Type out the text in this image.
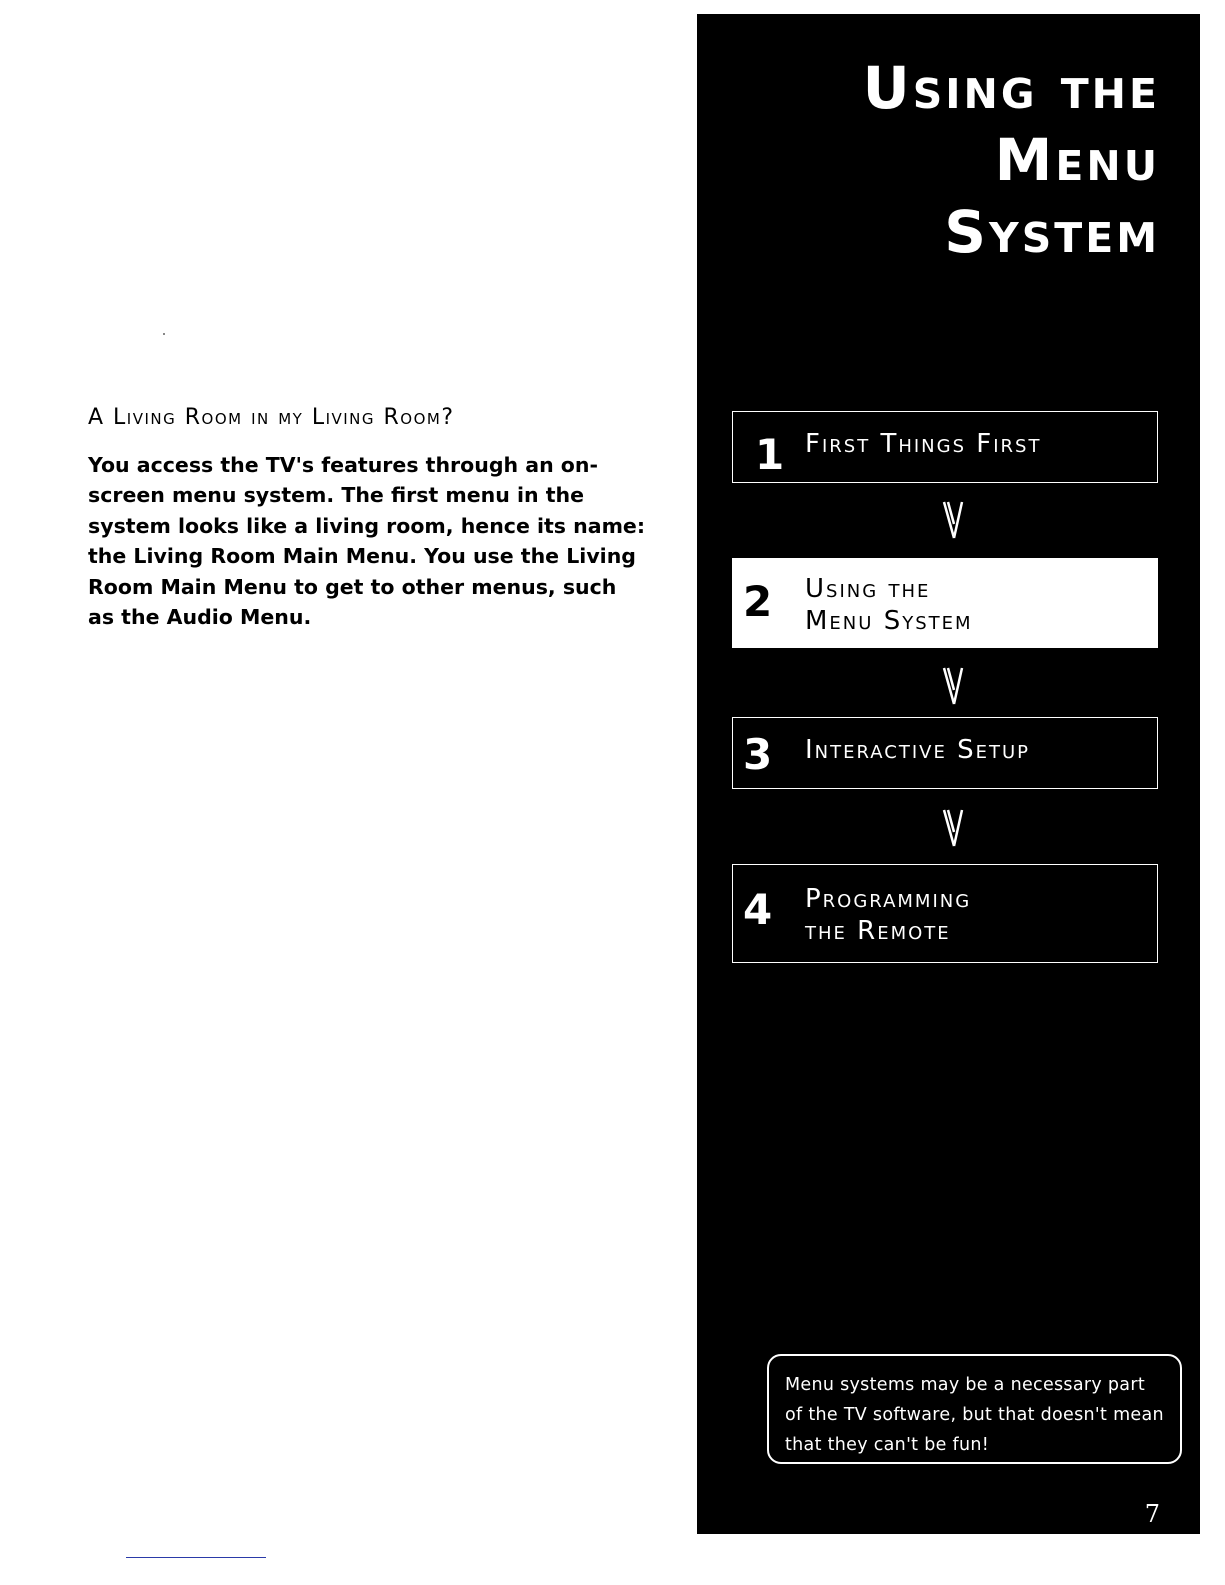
A Living Room in my Living Room?

You access the TV's features through an on-screen menu system. The first menu in the system looks like a living room, hence its name: the Living Room Main Menu. You use the Living Room Main Menu to get to other menus, such as the Audio Menu.

Using the
Menu
System
1 First Things First
2 Using the
Menu System
3 Interactive Setup
4 Programming
the Remote
Menu systems may be a necessary part of the TV software, but that doesn't mean that they can't be fun!
7
